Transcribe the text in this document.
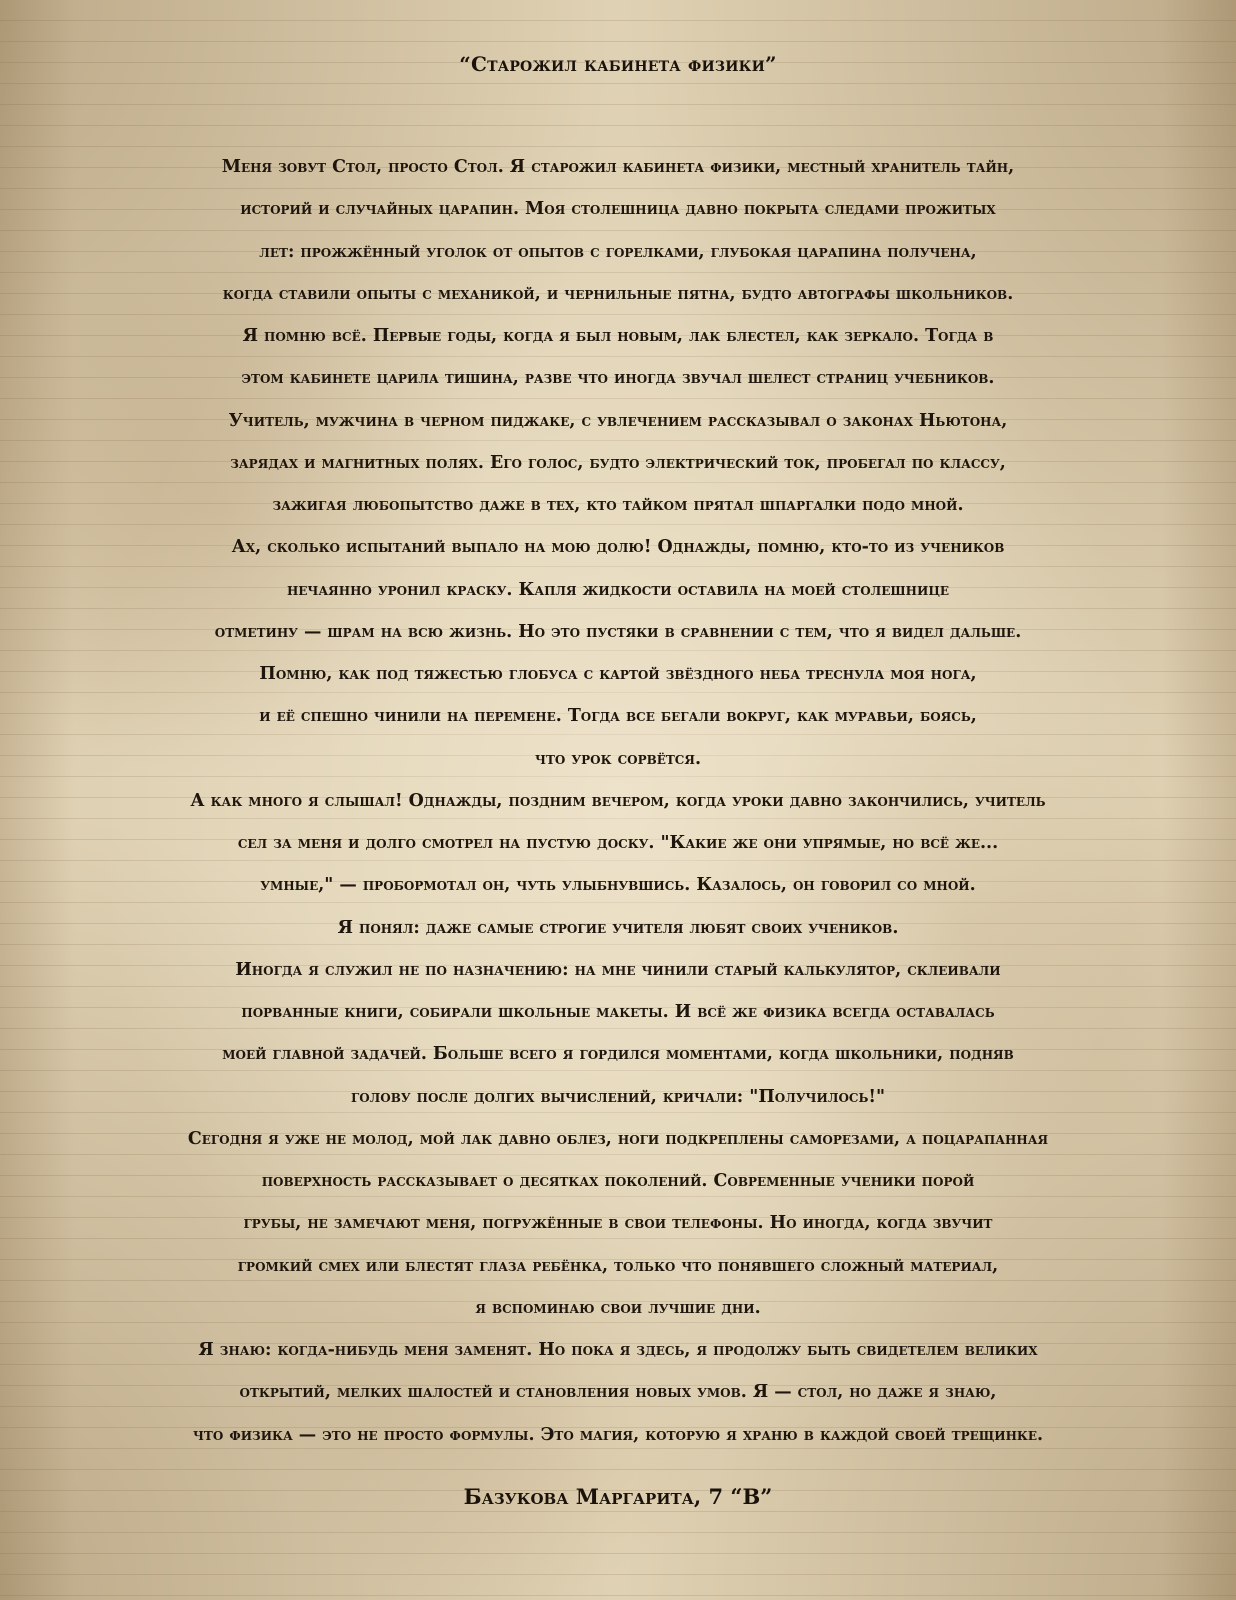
“Старожил кабинета физики”
Меня зовут Стол, просто Стол. Я старожил кабинета физики, местный хранитель тайн,
историй и случайных царапин. Моя столешница давно покрыта следами прожитых
лет: прожжённый уголок от опытов с горелками, глубокая царапина получена,
когда ставили опыты с механикой, и чернильные пятна, будто автографы школьников.
Я помню всё. Первые годы, когда я был новым, лак блестел, как зеркало. Тогда в
этом кабинете царила тишина, разве что иногда звучал шелест страниц учебников.
Учитель, мужчина в черном пиджаке, с увлечением рассказывал о законах Ньютона,
зарядах и магнитных полях. Его голос, будто электрический ток, пробегал по классу,
зажигая любопытство даже в тех, кто тайком прятал шпаргалки подо мной.
Ах, сколько испытаний выпало на мою долю! Однажды, помню, кто-то из учеников
нечаянно уронил краску. Капля жидкости оставила на моей столешнице
отметину — шрам на всю жизнь. Но это пустяки в сравнении с тем, что я видел дальше.
Помню, как под тяжестью глобуса с картой звёздного неба треснула моя нога,
и её спешно чинили на перемене. Тогда все бегали вокруг, как муравьи, боясь,
что урок сорвётся.
А как много я слышал! Однажды, поздним вечером, когда уроки давно закончились, учитель
сел за меня и долго смотрел на пустую доску. "Какие же они упрямые, но всё же...
умные," — пробормотал он, чуть улыбнувшись. Казалось, он говорил со мной.
Я понял: даже самые строгие учителя любят своих учеников.
Иногда я служил не по назначению: на мне чинили старый калькулятор, склеивали
порванные книги, собирали школьные макеты. И всё же физика всегда оставалась
моей главной задачей. Больше всего я гордился моментами, когда школьники, подняв
голову после долгих вычислений, кричали: "Получилось!"
Сегодня я уже не молод, мой лак давно облез, ноги подкреплены саморезами, а поцарапанная
поверхность рассказывает о десятках поколений. Современные ученики порой
грубы, не замечают меня, погружённые в свои телефоны. Но иногда, когда звучит
громкий смех или блестят глаза ребёнка, только что понявшего сложный материал,
я вспоминаю свои лучшие дни.
Я знаю: когда-нибудь меня заменят. Но пока я здесь, я продолжу быть свидетелем великих
открытий, мелких шалостей и становления новых умов. Я — стол, но даже я знаю,
что физика — это не просто формулы. Это магия, которую я храню в каждой своей трещинке.
Базукова Маргарита, 7 “В”
